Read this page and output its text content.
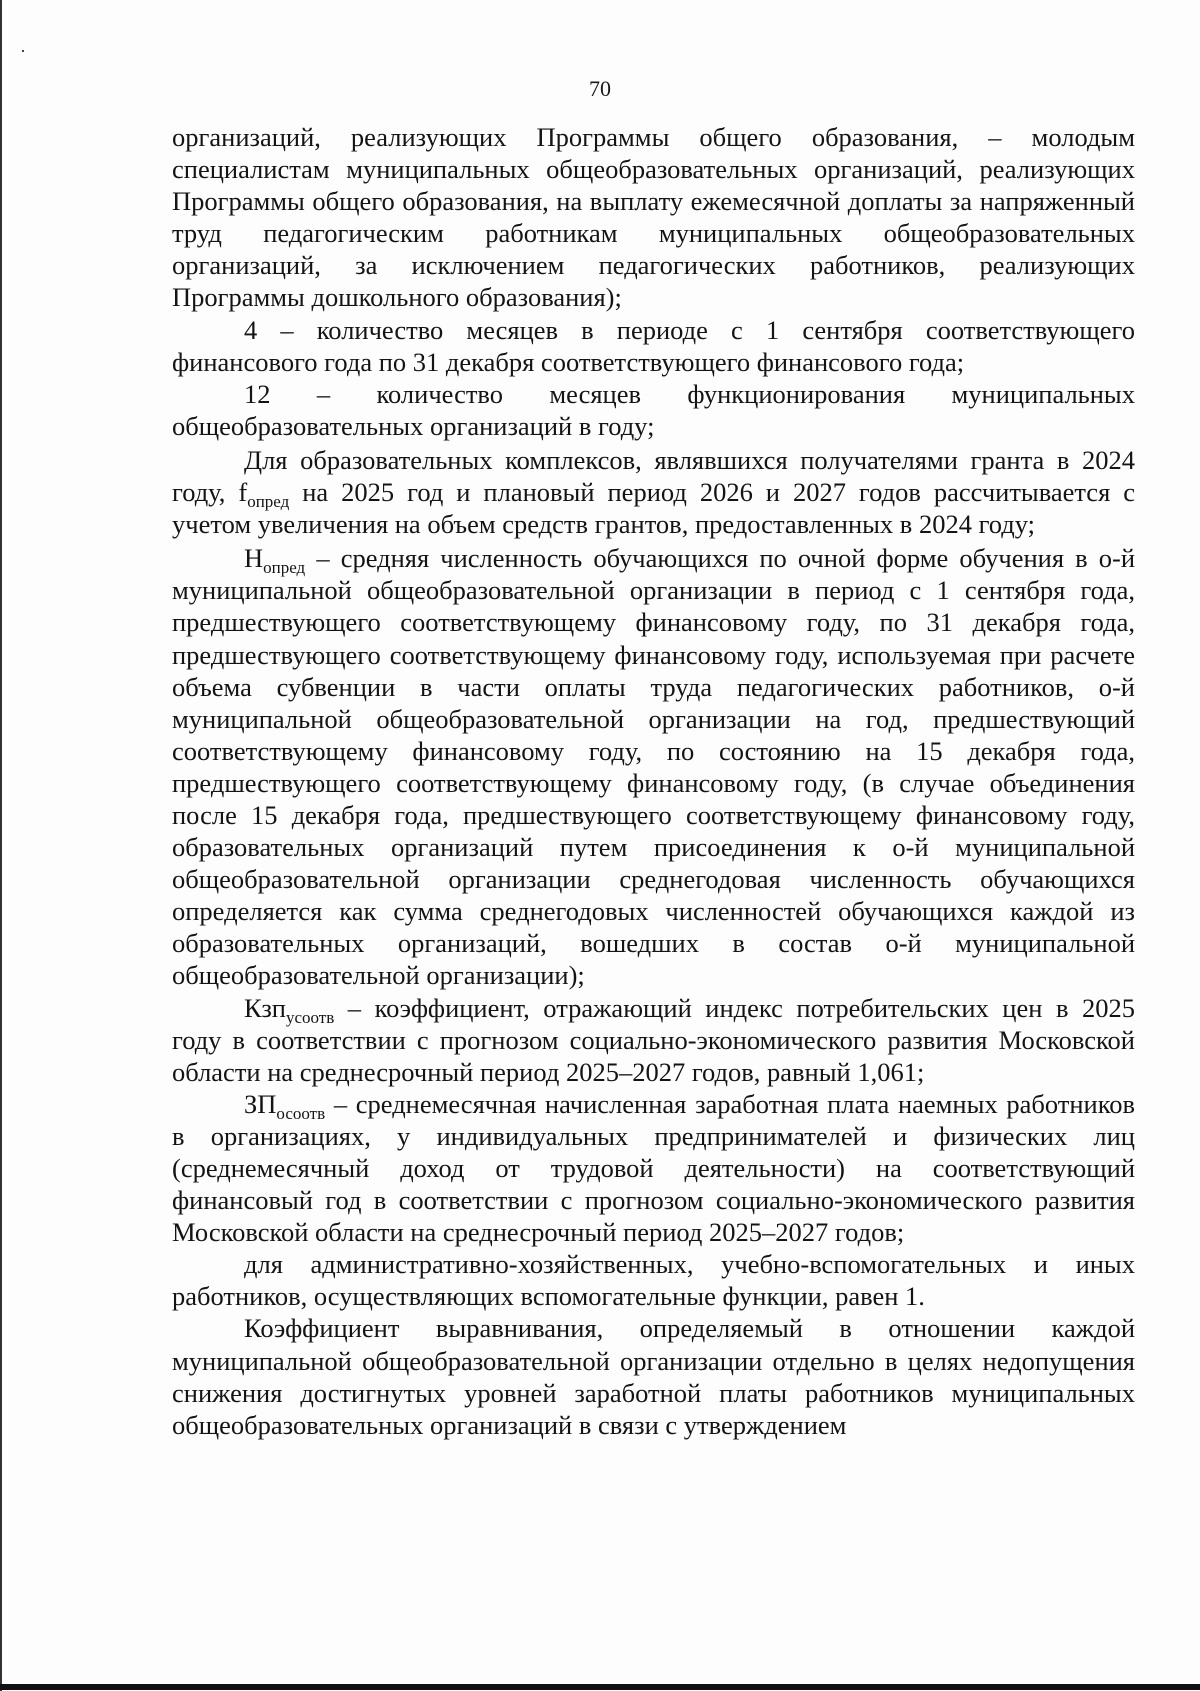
70

организаций, реализующих Программы общего образования, – молодым специалистам муниципальных общеобразовательных организаций, реализующих Программы общего образования, на выплату ежемесячной доплаты за напряженный труд педагогическим работникам муниципальных общеобразовательных организаций, за исключением педагогических работников, реализующих Программы дошкольного образования);

4 – количество месяцев в периоде с 1 сентября соответствующего финансового года по 31 декабря соответствующего финансового года;

12 – количество месяцев функционирования муниципальных общеобразовательных организаций в году;

Для образовательных комплексов, являвшихся получателями гранта в 2024 году, $f_{опред}$ на 2025 год и плановый период 2026 и 2027 годов рассчитывается с учетом увеличения на объем средств грантов, предоставленных в 2024 году;

$Н_{опред}$ – средняя численность обучающихся по очной форме обучения в о-й муниципальной общеобразовательной организации в период с 1 сентября года, предшествующего соответствующему финансовому году, по 31 декабря года, предшествующего соответствующему финансовому году, используемая при расчете объема субвенции в части оплаты труда педагогических работников, о-й муниципальной общеобразовательной организации на год, предшествующий соответствующему финансовому году, по состоянию на 15 декабря года, предшествующего соответствующему финансовому году, (в случае объединения после 15 декабря года, предшествующего соответствующему финансовому году, образовательных организаций путем присоединения к о-й муниципальной общеобразовательной организации среднегодовая численность обучающихся определяется как сумма среднегодовых численностей обучающихся каждой из образовательных организаций, вошедших в состав о-й муниципальной общеобразовательной организации);

Кзп$_{усоотв}$ – коэффициент, отражающий индекс потребительских цен в 2025 году в соответствии с прогнозом социально-экономического развития Московской области на среднесрочный период 2025–2027 годов, равный 1,061;

$ЗП_{осоотв}$ – среднемесячная начисленная заработная плата наемных работников в организациях, у индивидуальных предпринимателей и физических лиц (среднемесячный доход от трудовой деятельности) на соответствующий финансовый год в соответствии с прогнозом социально-экономического развития Московской области на среднесрочный период 2025–2027 годов;

для административно-хозяйственных, учебно-вспомогательных и иных работников, осуществляющих вспомогательные функции, равен 1.

Коэффициент выравнивания, определяемый в отношении каждой муниципальной общеобразовательной организации отдельно в целях недопущения снижения достигнутых уровней заработной платы работников муниципальных общеобразовательных организаций в связи с утверждением
